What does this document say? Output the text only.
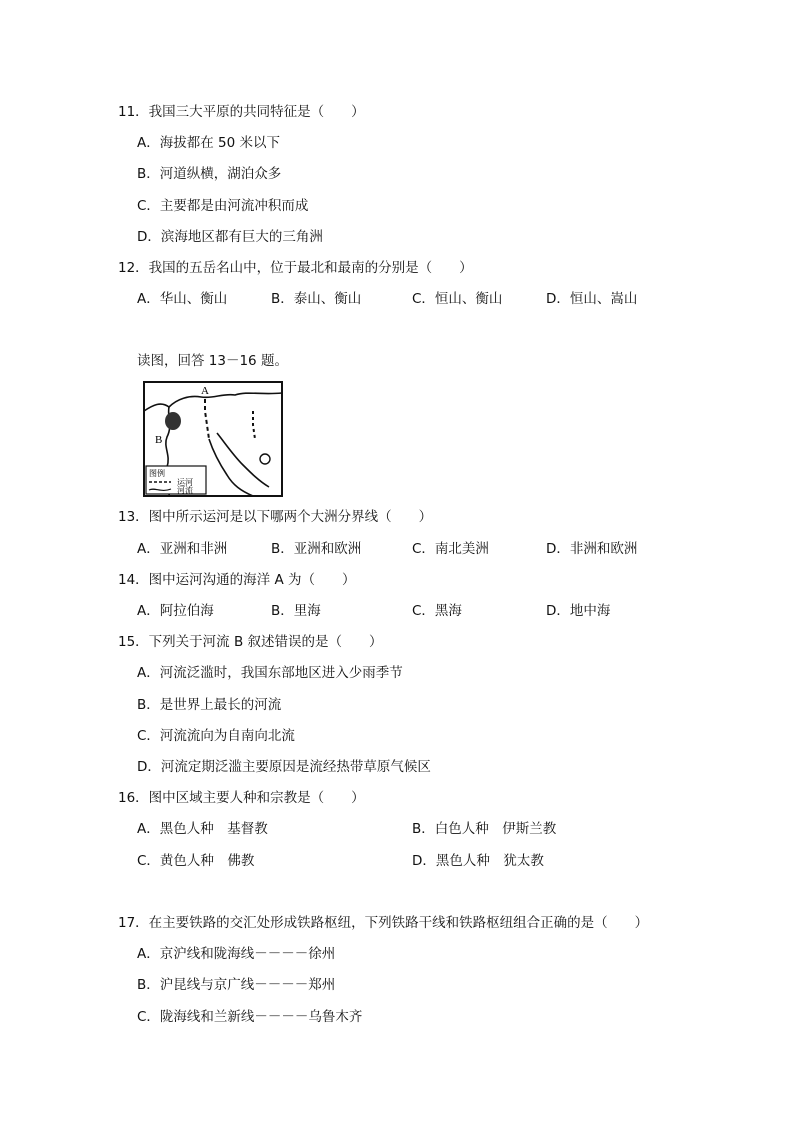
11．我国三大平原的共同特征是（　　）
A．海拔都在 50 米以下
B．河道纵横，湖泊众多
C．主要都是由河流冲积而成
D．滨海地区都有巨大的三角洲
12．我国的五岳名山中，位于最北和最南的分别是（　　）
A．华山、衡山	B．泰山、衡山	C．恒山、衡山	D．恒山、嵩山
读图，回答 13－16 题。
A
B
图例
运河
河流
13．图中所示运河是以下哪两个大洲分界线（　　）
A．亚洲和非洲	B．亚洲和欧洲	C．南北美洲	D．非洲和欧洲
14．图中运河沟通的海洋 A 为（　　）
A．阿拉伯海	B．里海	C．黑海	D．地中海
15．下列关于河流 B 叙述错误的是（　　）
A．河流泛滥时，我国东部地区进入少雨季节
B．是世界上最长的河流
C．河流流向为自南向北流
D．河流定期泛滥主要原因是流经热带草原气候区
16．图中区域主要人种和宗教是（　　）
A．黑色人种　基督教	B．白色人种　伊斯兰教
C．黄色人种　佛教	D．黑色人种　犹太教
17．在主要铁路的交汇处形成铁路枢纽，下列铁路干线和铁路枢纽组合正确的是（　　）
A．京沪线和陇海线－－－－徐州
B．沪昆线与京广线－－－－郑州
C．陇海线和兰新线－－－－乌鲁木齐
